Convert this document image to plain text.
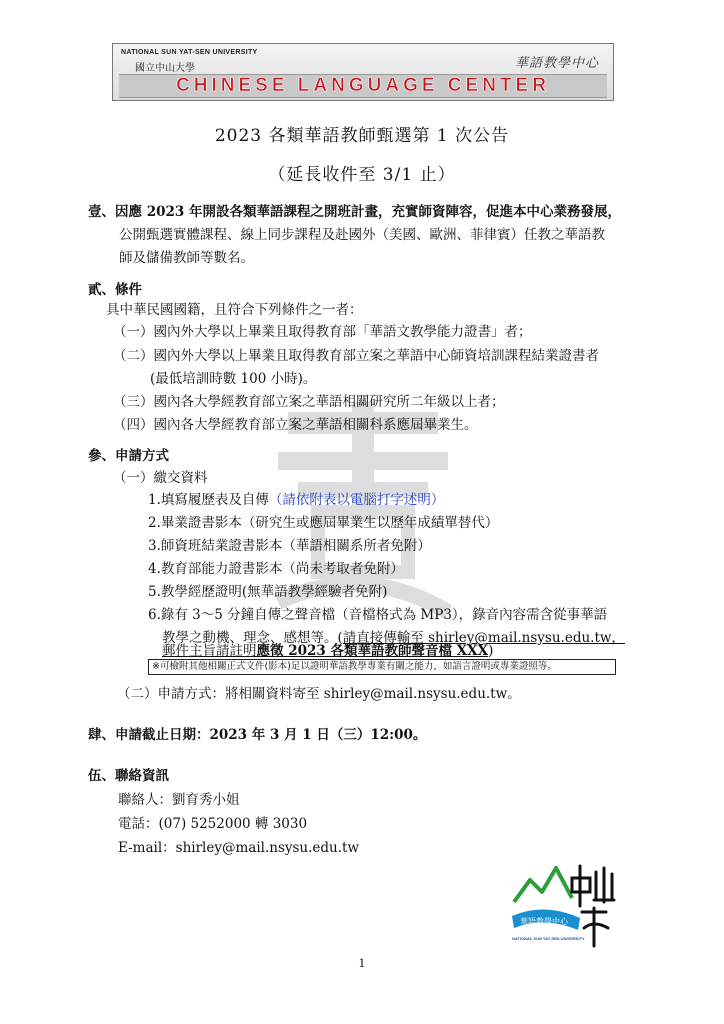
NATIONAL SUN YAT-SEN UNIVERSITY
國立中山大學	華語教學中心
CHINESE LANGUAGE CENTER
2023 各類華語教師甄選第 1 次公告
（延長收件至 3/1 止）
壹、因應 2023 年開設各類華語課程之開班計畫，充實師資陣容，促進本中心業務發展，
公開甄選實體課程、線上同步課程及赴國外（美國、歐洲、菲律賓）任教之華語教
師及儲備教師等數名。
貳、條件
具中華民國國籍，且符合下列條件之一者：
（一）國內外大學以上畢業且取得教育部「華語文教學能力證書」者；
（二）國內外大學以上畢業且取得教育部立案之華語中心師資培訓課程結業證書者
(最低培訓時數 100 小時)。
（三）國內各大學經教育部立案之華語相關研究所二年級以上者；
（四）國內各大學經教育部立案之華語相關科系應屆畢業生。
參、申請方式
（一）繳交資料
1.填寫履歷表及自傳（請依附表以電腦打字述明）
2.畢業證書影本（研究生或應屆畢業生以歷年成績單替代）
3.師資班結業證書影本（華語相關系所者免附）
4.教育部能力證書影本（尚未考取者免附）
5.教學經歷證明(無華語教學經驗者免附)
6.錄有 3～5 分鐘自傳之聲音檔（音檔格式為 MP3），錄音內容需含從事華語
教學之動機、理念、感想等。(請直接傳輸至 shirley@mail.nsysu.edu.tw，
郵件主旨請註明應徵 2023 各類華語教師聲音檔 XXX)
※可檢附其他相關正式文件(影本)足以證明華語教學專業有關之能力，如語言證明或專業證照等。
（二）申請方式：將相關資料寄至 shirley@mail.nsysu.edu.tw。
肆、申請截止日期：2023 年 3 月 1 日（三）12:00。
伍、聯絡資訊
聯絡人：劉育秀小姐
電話：(07) 5252000 轉 3030
E-mail：shirley@mail.nsysu.edu.tw
華語教學中心
NATIONAL SUN YAT-SEN UNIVERSITY
1
